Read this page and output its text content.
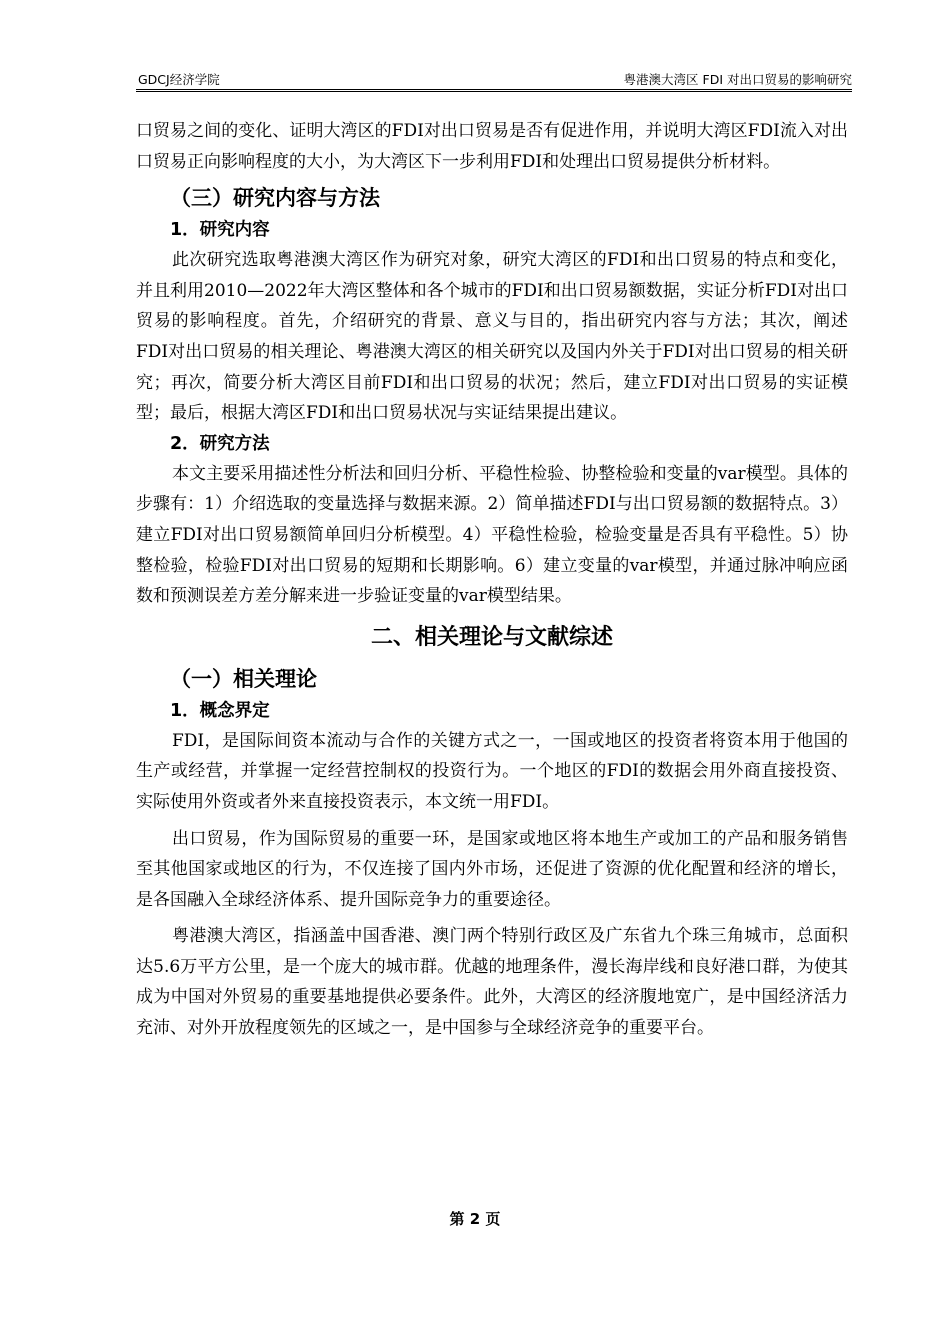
GDCJ经济学院	粤港澳大湾区 FDI 对出口贸易的影响研究

口贸易之间的变化、证明大湾区的FDI对出口贸易是否有促进作用，并说明大湾区FDI流入对出口贸易正向影响程度的大小，为大湾区下一步利用FDI和处理出口贸易提供分析材料。

（三）研究内容与方法
1．研究内容

此次研究选取粤港澳大湾区作为研究对象，研究大湾区的FDI和出口贸易的特点和变化，并且利用2010—2022年大湾区整体和各个城市的FDI和出口贸易额数据，实证分析FDI对出口贸易的影响程度。首先，介绍研究的背景、意义与目的，指出研究内容与方法；其次，阐述FDI对出口贸易的相关理论、粤港澳大湾区的相关研究以及国内外关于FDI对出口贸易的相关研究；再次，简要分析大湾区目前FDI和出口贸易的状况；然后，建立FDI对出口贸易的实证模型；最后，根据大湾区FDI和出口贸易状况与实证结果提出建议。

2．研究方法

本文主要采用描述性分析法和回归分析、平稳性检验、协整检验和变量的var模型。具体的步骤有：1）介绍选取的变量选择与数据来源。2）简单描述FDI与出口贸易额的数据特点。3）建立FDI对出口贸易额简单回归分析模型。4）平稳性检验，检验变量是否具有平稳性。5）协整检验，检验FDI对出口贸易的短期和长期影响。6）建立变量的var模型，并通过脉冲响应函数和预测误差方差分解来进一步验证变量的var模型结果。

二、相关理论与文献综述
（一）相关理论
1．概念界定

FDI，是国际间资本流动与合作的关键方式之一，一国或地区的投资者将资本用于他国的生产或经营，并掌握一定经营控制权的投资行为。一个地区的FDI的数据会用外商直接投资、实际使用外资或者外来直接投资表示，本文统一用FDI。

出口贸易，作为国际贸易的重要一环，是国家或地区将本地生产或加工的产品和服务销售至其他国家或地区的行为，不仅连接了国内外市场，还促进了资源的优化配置和经济的增长，是各国融入全球经济体系、提升国际竞争力的重要途径。

粤港澳大湾区，指涵盖中国香港、澳门两个特别行政区及广东省九个珠三角城市，总面积达5.6万平方公里，是一个庞大的城市群。优越的地理条件，漫长海岸线和良好港口群，为使其成为中国对外贸易的重要基地提供必要条件。此外，大湾区的经济腹地宽广，是中国经济活力充沛、对外开放程度领先的区域之一，是中国参与全球经济竞争的重要平台。

第 2 页
